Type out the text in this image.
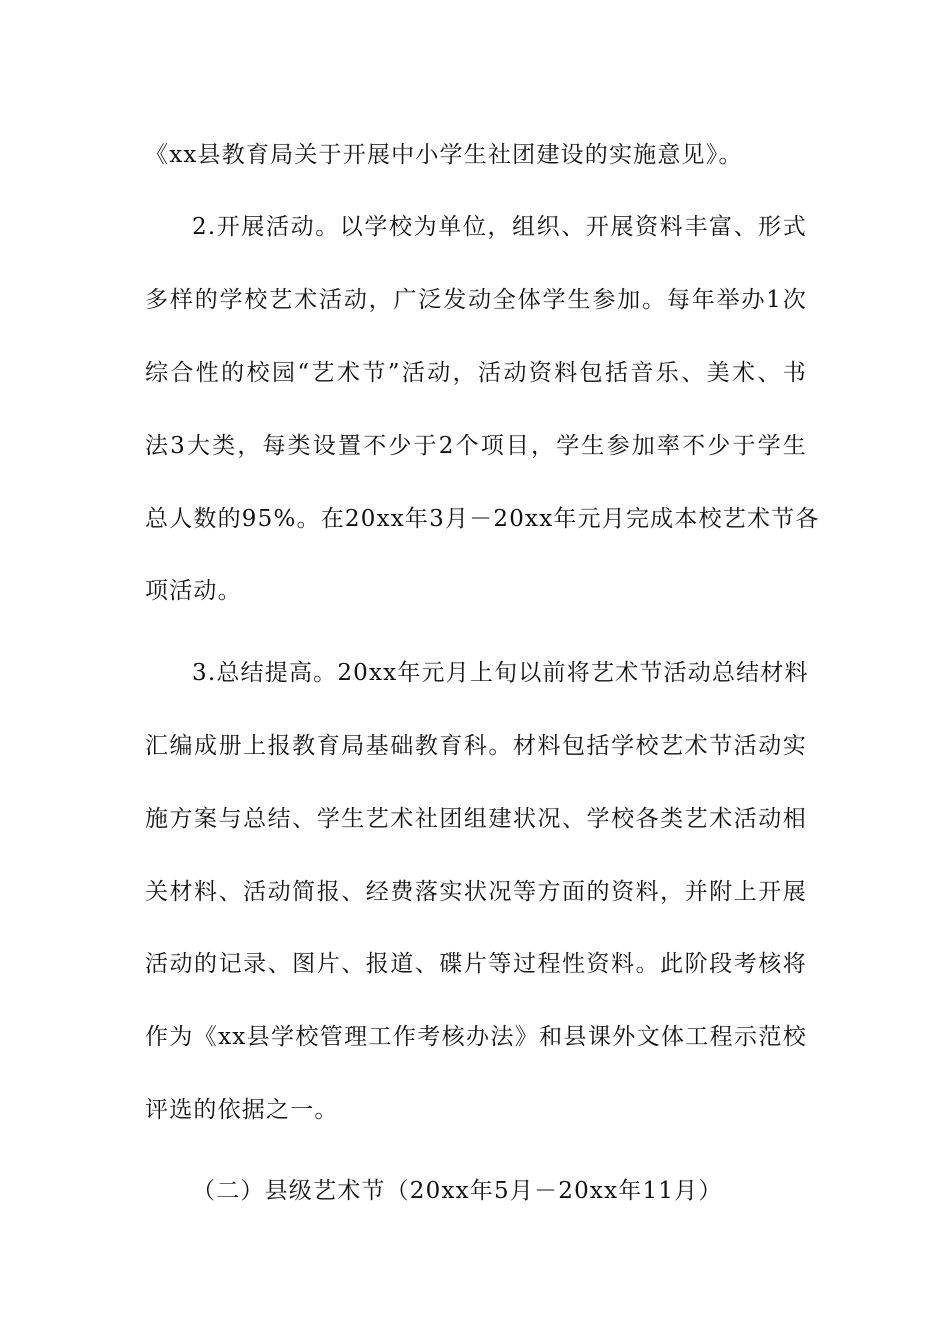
《xx县教育局关于开展中小学生社团建设的实施意见》。
2.开展活动。以学校为单位，组织、开展资料丰富、形式
多样的学校艺术活动，广泛发动全体学生参加。每年举办1次
综合性的校园“艺术节”活动，活动资料包括音乐、美术、书
法3大类，每类设置不少于2个项目，学生参加率不少于学生
总人数的95%。在20xx年3月－20xx年元月完成本校艺术节各
项活动。
3.总结提高。20xx年元月上旬以前将艺术节活动总结材料
汇编成册上报教育局基础教育科。材料包括学校艺术节活动实
施方案与总结、学生艺术社团组建状况、学校各类艺术活动相
关材料、活动简报、经费落实状况等方面的资料，并附上开展
活动的记录、图片、报道、碟片等过程性资料。此阶段考核将
作为《xx县学校管理工作考核办法》和县课外文体工程示范校
评选的依据之一。
（二）县级艺术节（20xx年5月－20xx年11月）
